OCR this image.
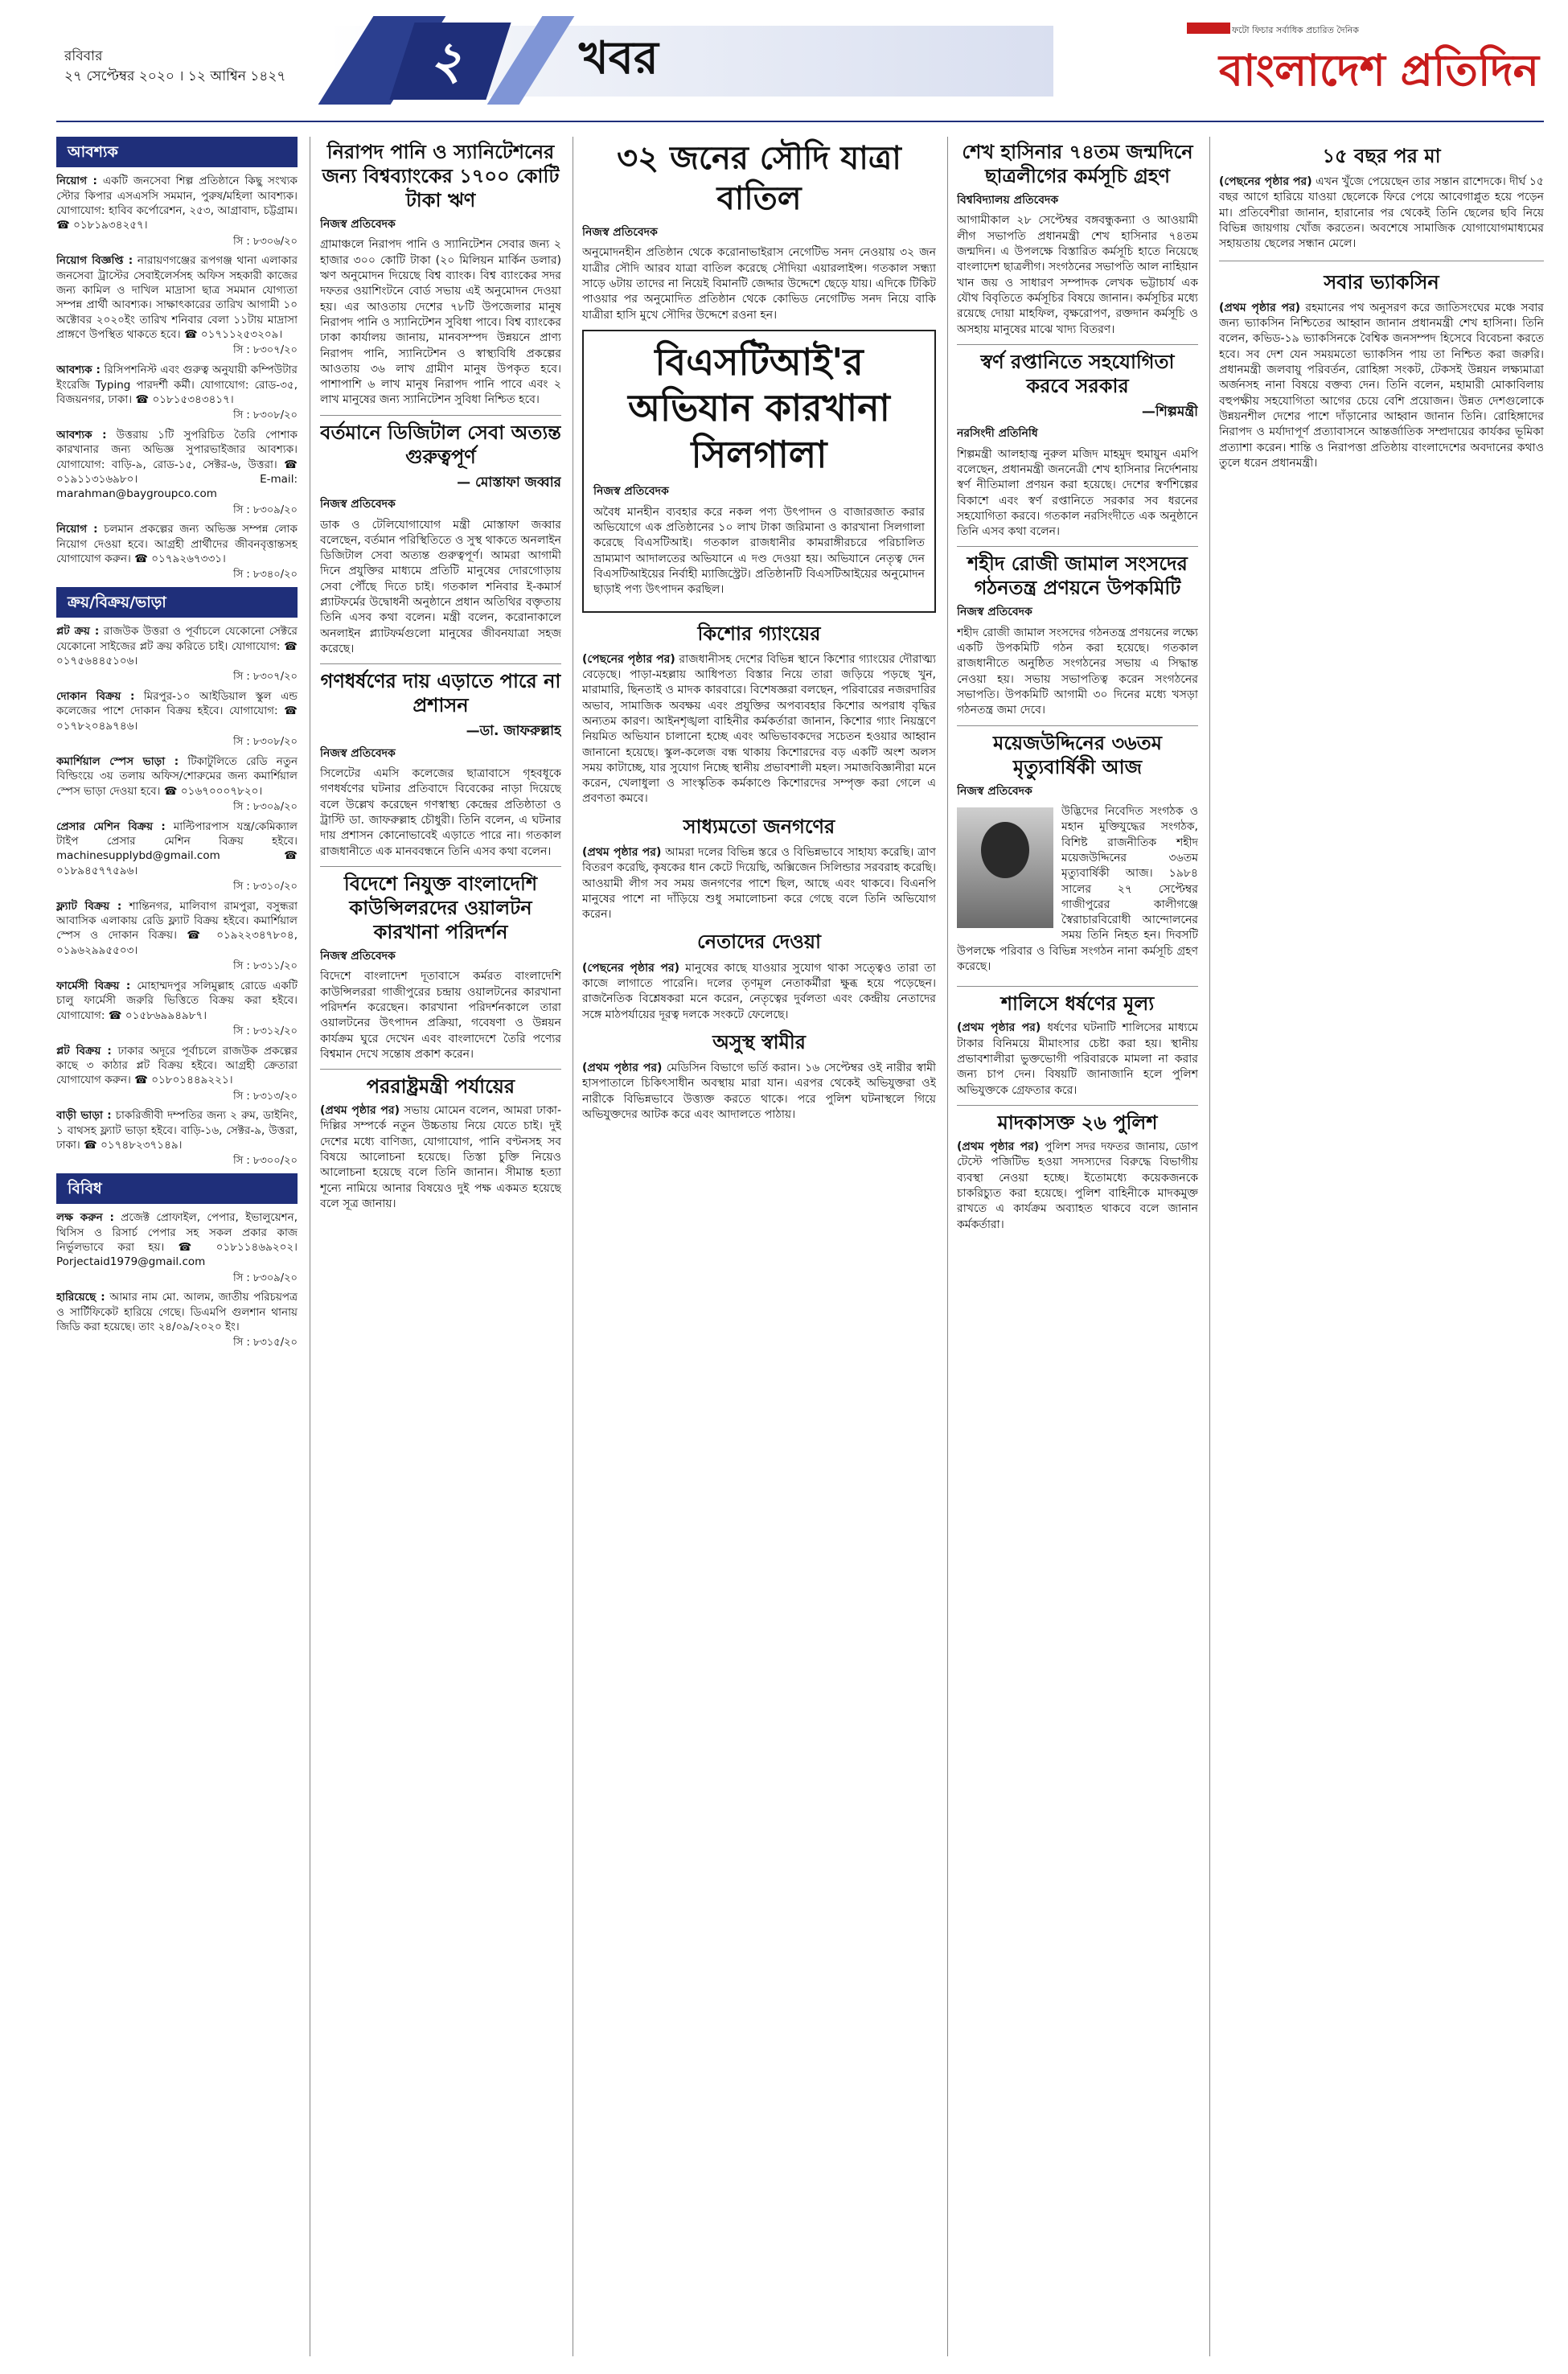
রবিবার
২৭ সেপ্টেম্বর ২০২০ । ১২ আশ্বিন ১৪২৭	২	খবর
ফটো ফিচার সর্বাধিক প্রচারিত দৈনিক
বাংলাদেশ প্রতিদিন
আবশ্যক
নিয়োগ : একটি জনসেবা শিল্প প্রতিষ্ঠানে কিছু সংখ্যক স্টোর কিপার এসএসসি সমমান, পুরুষ/মহিলা আবশ্যক। যোগাযোগ: হাবিব কর্পোরেশন, ২৫৩, আগ্রাবাদ, চট্টগ্রাম। ☎ ০১৮১৯৩৪২৫৭।
সি : ৮৩০৬/২০
নিয়োগ বিজ্ঞপ্তি : নারায়ণগঞ্জের রূপগঞ্জ থানা এলাকার জনসেবা ট্রাস্টের সেবাইলের্সসহ অফিস সহকারী কাজের জন্য কামিল ও দাখিল মাদ্রাসা ছাত্র সমমান যোগ্যতা সম্পন্ন প্রার্থী আবশ্যক। সাক্ষাৎকারের তারিখ আগামী ১০ অক্টোবর ২০২০ইং তারিখ শনিবার বেলা ১১টায় মাদ্রাসা প্রাঙ্গণে উপস্থিত থাকতে হবে। ☎ ০১৭১১২৫৩২০৯।
সি : ৮৩০৭/২০
আবশ্যক : রিসিপশনিস্ট এবং গুরুত্ব অনুযায়ী কম্পিউটার ইংরেজি Typing পারদর্শী কর্মী। যোগাযোগ: রোড-৩৫, বিজয়নগর, ঢাকা। ☎ ০১৮১৫৩৪৩৪১৭।
সি : ৮৩০৮/২০
আবশ্যক : উত্তরায় ১টি সুপরিচিত তৈরি পোশাক কারখানার জন্য অভিজ্ঞ সুপারভাইজার আবশ্যক। যোগাযোগ: বাড়ি-৯, রোড-১৫, সেক্টর-৬, উত্তরা। ☎ ০১৯১১৩১৬৯৮০। E-mail: marahman@baygroupco.com
সি : ৮৩০৯/২০
নিয়োগ : চলমান প্রকল্পের জন্য অভিজ্ঞ সম্পন্ন লোক নিয়োগ দেওয়া হবে। আগ্রহী প্রার্থীদের জীবনবৃত্তান্তসহ যোগাযোগ করুন। ☎ ০১৭৯২৬৭৩৩১।
সি : ৮৩৪০/২০
ক্রয়/বিক্রয়/ভাড়া
প্লট ক্রয় : রাজউক উত্তরা ও পূর্বাচলে যেকোনো সেক্টরে যেকোনো সাইজের প্লট ক্রয় করিতে চাই। যোগাযোগ: ☎ ০১৭৫৬৪৪৫১০৬।
সি : ৮৩০৭/২০
দোকান বিক্রয় : মিরপুর-১০ আইডিয়াল স্কুল এন্ড কলেজের পাশে দোকান বিক্রয় হইবে। যোগাযোগ: ☎ ০১৭৮২০৪৯৭৪৬।
সি : ৮৩০৮/২০
কমার্শিয়াল স্পেস ভাড়া : টিকাটুলিতে রেডি নতুন বিল্ডিংয়ে ৩য় তলায় অফিস/শোরুমের জন্য কমার্শিয়াল স্পেস ভাড়া দেওয়া হবে। ☎ ০১৬৭০০০৭৮২০।
সি : ৮৩০৯/২০
প্রেসার মেশিন বিক্রয় : মাল্টিপারপাস যন্ত্র/কেমিক্যাল টাইপ প্রেসার মেশিন বিক্রয় হইবে। machinesupplybd@gmail.com ☎ ০১৮৯৪৫৭৭৫৯৬।
সি : ৮৩১০/২০
ফ্ল্যাট বিক্রয় : শান্তিনগর, মালিবাগ রামপুরা, বসুন্ধরা আবাসিক এলাকায় রেডি ফ্ল্যাট বিক্রয় হইবে। কমার্শিয়াল স্পেস ও দোকান বিক্রয়। ☎ ০১৯২২৩৪৭৮০৪, ০১৯৬২৯৯৫৫০৩।
সি : ৮৩১১/২০
ফার্মেসী বিক্রয় : মোহাম্মদপুর সলিমুল্লাহ রোডে একটি চালু ফার্মেসী জরুরি ভিত্তিতে বিক্রয় করা হইবে। যোগাযোগ: ☎ ০১৫৮৬৯৯৪৯৮৭।
সি : ৮৩১২/২০
প্লট বিক্রয় : ঢাকার অদূরে পূর্বাচলে রাজউক প্রকল্পের কাছে ৩ কাঠার প্লট বিক্রয় হইবে। আগ্রহী ক্রেতারা যোগাযোগ করুন। ☎ ০১৮০১৪৪৯২২১।
সি : ৮৩১৩/২০
বাড়ী ভাড়া : চাকরিজীবী দম্পতির জন্য ২ রুম, ডাইনিং, ১ বাথসহ ফ্ল্যাট ভাড়া হইবে। বাড়ি-১৬, সেক্টর-৯, উত্তরা, ঢাকা। ☎ ০১৭৪৮২৩৭১৪৯।
সি : ৮৩০০/২০
বিবিধ
লক্ষ করুন : প্রজেক্ট প্রোফাইল, পেপার, ইভালুয়েশন, থিসিস ও রিসার্চ পেপার সহ সকল প্রকার কাজ নির্ভুলভাবে করা হয়। ☎ ০১৮১১৪৬৯২০২। Porjectaid1979@gmail.com
সি : ৮৩০৯/২০
হারিয়েছে : আমার নাম মো. আলম, জাতীয় পরিচয়পত্র ও সার্টিফিকেট হারিয়ে গেছে। ডিএমপি গুলশান থানায় জিডি করা হয়েছে। তাং ২৪/০৯/২০২০ ইং।
সি : ৮৩১৫/২০
নিরাপদ পানি ও স্যানিটেশনের জন্য বিশ্বব্যাংকের ১৭০০ কোটি টাকা ঋণ
নিজস্ব প্রতিবেদক

গ্রামাঞ্চলে নিরাপদ পানি ও স্যানিটেশন সেবার জন্য ২ হাজার ৩০০ কোটি টাকা (২০ মিলিয়ন মার্কিন ডলার) ঋণ অনুমোদন দিয়েছে বিশ্ব ব্যাংক। বিশ্ব ব্যাংকের সদর দফতর ওয়াশিংটনে বোর্ড সভায় এই অনুমোদন দেওয়া হয়। এর আওতায় দেশের ৭৮টি উপজেলার মানুষ নিরাপদ পানি ও স্যানিটেশন সুবিধা পাবে। বিশ্ব ব্যাংকের ঢাকা কার্যালয় জানায়, মানবসম্পদ উন্নয়নে প্রাণ্য নিরাপদ পানি, স্যানিটেশন ও স্বাস্থ্যবিধি প্রকল্পের আওতায় ৩৬ লাখ গ্রামীণ মানুষ উপকৃত হবে। পাশাপাশি ৬ লাখ মানুষ নিরাপদ পানি পাবে এবং ২ লাখ মানুষের জন্য স্যানিটেশন সুবিধা নিশ্চিত হবে।

বর্তমানে ডিজিটাল সেবা অত্যন্ত গুরুত্বপূর্ণ
— মোস্তাফা জব্বার
নিজস্ব প্রতিবেদক

ডাক ও টেলিযোগাযোগ মন্ত্রী মোস্তাফা জব্বার বলেছেন, বর্তমান পরিস্থিতিতে ও সুস্থ থাকতে অনলাইন ডিজিটাল সেবা অত্যন্ত গুরুত্বপূর্ণ। আমরা আগামী দিনে প্রযুক্তির মাধ্যমে প্রতিটি মানুষের দোরগোড়ায় সেবা পৌঁছে দিতে চাই। গতকাল শনিবার ই-কমার্স প্ল্যাটফর্মের উদ্বোধনী অনুষ্ঠানে প্রধান অতিথির বক্তৃতায় তিনি এসব কথা বলেন। মন্ত্রী বলেন, করোনাকালে অনলাইন প্ল্যাটফর্মগুলো মানুষের জীবনযাত্রা সহজ করেছে।

গণধর্ষণের দায় এড়াতে পারে না প্রশাসন
—ডা. জাফরুল্লাহ
নিজস্ব প্রতিবেদক

সিলেটের এমসি কলেজের ছাত্রাবাসে গৃহবধূকে গণধর্ষণের ঘটনার প্রতিবাদে বিবেকের নাড়া দিয়েছে বলে উল্লেখ করেছেন গণস্বাস্থ্য কেন্দ্রের প্রতিষ্ঠাতা ও ট্রাস্টি ডা. জাফরুল্লাহ চৌধুরী। তিনি বলেন, এ ঘটনার দায় প্রশাসন কোনোভাবেই এড়াতে পারে না। গতকাল রাজধানীতে এক মানববন্ধনে তিনি এসব কথা বলেন।

বিদেশে নিযুক্ত বাংলাদেশি কাউন্সিলরদের ওয়ালটন কারখানা পরিদর্শন
নিজস্ব প্রতিবেদক

বিদেশে বাংলাদেশ দূতাবাসে কর্মরত বাংলাদেশি কাউন্সিলররা গাজীপুরের চন্দ্রায় ওয়ালটনের কারখানা পরিদর্শন করেছেন। কারখানা পরিদর্শনকালে তারা ওয়ালটনের উৎপাদন প্রক্রিয়া, গবেষণা ও উন্নয়ন কার্যক্রম ঘুরে দেখেন এবং বাংলাদেশে তৈরি পণ্যের বিশ্বমান দেখে সন্তোষ প্রকাশ করেন।

পররাষ্ট্রমন্ত্রী পর্যায়ের

(প্রথম পৃষ্ঠার পর) সভায় মোমেন বলেন, আমরা ঢাকা-দিল্লির সম্পর্কে নতুন উচ্চতায় নিয়ে যেতে চাই। দুই দেশের মধ্যে বাণিজ্য, যোগাযোগ, পানি বণ্টনসহ সব বিষয়ে আলোচনা হয়েছে। তিস্তা চুক্তি নিয়েও আলোচনা হয়েছে বলে তিনি জানান। সীমান্ত হত্যা শূন্যে নামিয়ে আনার বিষয়েও দুই পক্ষ একমত হয়েছে বলে সূত্র জানায়।

৩২ জনের সৌদি যাত্রা বাতিল
নিজস্ব প্রতিবেদক

অনুমোদনহীন প্রতিষ্ঠান থেকে করোনাভাইরাস নেগেটিভ সনদ নেওয়ায় ৩২ জন যাত্রীর সৌদি আরব যাত্রা বাতিল করেছে সৌদিয়া এয়ারলাইন্স। গতকাল সন্ধ্যা সাড়ে ৬টায় তাদের না নিয়েই বিমানটি জেদ্দার উদ্দেশে ছেড়ে যায়। এদিকে টিকিট পাওয়ার পর অনুমোদিত প্রতিষ্ঠান থেকে কোভিড নেগেটিভ সনদ নিয়ে বাকি যাত্রীরা হাসি মুখে সৌদির উদ্দেশে রওনা হন।

বিএসটিআই'র অভিযান কারখানা সিলগালা
নিজস্ব প্রতিবেদক

অবৈধ মানহীন ব্যবহার করে নকল পণ্য উৎপাদন ও বাজারজাত করার অভিযোগে এক প্রতিষ্ঠানের ১০ লাখ টাকা জরিমানা ও কারখানা সিলগালা করেছে বিএসটিআই। গতকাল রাজধানীর কামরাঙ্গীরচরে পরিচালিত ভ্রাম্যমাণ আদালতের অভিযানে এ দণ্ড দেওয়া হয়। অভিযানে নেতৃত্ব দেন বিএসটিআইয়ের নির্বাহী ম্যাজিস্ট্রেট। প্রতিষ্ঠানটি বিএসটিআইয়ের অনুমোদন ছাড়াই পণ্য উৎপাদন করছিল।

কিশোর গ্যাংয়ের

(পেছনের পৃষ্ঠার পর) রাজধানীসহ দেশের বিভিন্ন স্থানে কিশোর গ্যাংয়ের দৌরাত্ম্য বেড়েছে। পাড়া-মহল্লায় আধিপত্য বিস্তার নিয়ে তারা জড়িয়ে পড়ছে খুন, মারামারি, ছিনতাই ও মাদক কারবারে। বিশেষজ্ঞরা বলছেন, পরিবারের নজরদারির অভাব, সামাজিক অবক্ষয় এবং প্রযুক্তির অপব্যবহার কিশোর অপরাধ বৃদ্ধির অন্যতম কারণ। আইনশৃঙ্খলা বাহিনীর কর্মকর্তারা জানান, কিশোর গ্যাং নিয়ন্ত্রণে নিয়মিত অভিযান চালানো হচ্ছে এবং অভিভাবকদের সচেতন হওয়ার আহ্বান জানানো হয়েছে। স্কুল-কলেজ বন্ধ থাকায় কিশোরদের বড় একটি অংশ অলস সময় কাটাচ্ছে, যার সুযোগ নিচ্ছে স্থানীয় প্রভাবশালী মহল। সমাজবিজ্ঞানীরা মনে করেন, খেলাধুলা ও সাংস্কৃতিক কর্মকাণ্ডে কিশোরদের সম্পৃক্ত করা গেলে এ প্রবণতা কমবে।

সাধ্যমতো জনগণের

(প্রথম পৃষ্ঠার পর) আমরা দলের বিভিন্ন স্তরে ও বিভিন্নভাবে সাহায্য করেছি। ত্রাণ বিতরণ করেছি, কৃষকের ধান কেটে দিয়েছি, অক্সিজেন সিলিন্ডার সরবরাহ করেছি। আওয়ামী লীগ সব সময় জনগণের পাশে ছিল, আছে এবং থাকবে। বিএনপি মানুষের পাশে না দাঁড়িয়ে শুধু সমালোচনা করে গেছে বলে তিনি অভিযোগ করেন।

নেতাদের দেওয়া

(পেছনের পৃষ্ঠার পর) মানুষের কাছে যাওয়ার সুযোগ থাকা সত্ত্বেও তারা তা কাজে লাগাতে পারেনি। দলের তৃণমূল নেতাকর্মীরা ক্ষুব্ধ হয়ে পড়েছেন। রাজনৈতিক বিশ্লেষকরা মনে করেন, নেতৃত্বের দুর্বলতা এবং কেন্দ্রীয় নেতাদের সঙ্গে মাঠপর্যায়ের দূরত্ব দলকে সংকটে ফেলেছে।

অসুস্থ স্বামীর

(প্রথম পৃষ্ঠার পর) মেডিসিন বিভাগে ভর্তি করান। ১৬ সেপ্টেম্বর ওই নারীর স্বামী হাসপাতালে চিকিৎসাধীন অবস্থায় মারা যান। এরপর থেকেই অভিযুক্তরা ওই নারীকে বিভিন্নভাবে উত্ত্যক্ত করতে থাকে। পরে পুলিশ ঘটনাস্থলে গিয়ে অভিযুক্তদের আটক করে এবং আদালতে পাঠায়।

শেখ হাসিনার ৭৪তম জন্মদিনে ছাত্রলীগের কর্মসূচি গ্রহণ
বিশ্ববিদ্যালয় প্রতিবেদক

আগামীকাল ২৮ সেপ্টেম্বর বঙ্গবন্ধুকন্যা ও আওয়ামী লীগ সভাপতি প্রধানমন্ত্রী শেখ হাসিনার ৭৪তম জন্মদিন। এ উপলক্ষে বিস্তারিত কর্মসূচি হাতে নিয়েছে বাংলাদেশ ছাত্রলীগ। সংগঠনের সভাপতি আল নাহিয়ান খান জয় ও সাধারণ সম্পাদক লেখক ভট্টাচার্য এক যৌথ বিবৃতিতে কর্মসূচির বিষয়ে জানান। কর্মসূচির মধ্যে রয়েছে দোয়া মাহফিল, বৃক্ষরোপণ, রক্তদান কর্মসূচি ও অসহায় মানুষের মাঝে খাদ্য বিতরণ।

স্বর্ণ রপ্তানিতে সহযোগিতা করবে সরকার
—শিল্পমন্ত্রী
নরসিংদী প্রতিনিধি

শিল্পমন্ত্রী আলহাজ্ব নুরুল মজিদ মাহমুদ হুমায়ুন এমপি বলেছেন, প্রধানমন্ত্রী জননেত্রী শেখ হাসিনার নির্দেশনায় স্বর্ণ নীতিমালা প্রণয়ন করা হয়েছে। দেশের স্বর্ণশিল্পের বিকাশে এবং স্বর্ণ রপ্তানিতে সরকার সব ধরনের সহযোগিতা করবে। গতকাল নরসিংদীতে এক অনুষ্ঠানে তিনি এসব কথা বলেন।

শহীদ রোজী জামাল সংসদের গঠনতন্ত্র প্রণয়নে উপকমিটি
নিজস্ব প্রতিবেদক

শহীদ রোজী জামাল সংসদের গঠনতন্ত্র প্রণয়নের লক্ষ্যে একটি উপকমিটি গঠন করা হয়েছে। গতকাল রাজধানীতে অনুষ্ঠিত সংগঠনের সভায় এ সিদ্ধান্ত নেওয়া হয়। সভায় সভাপতিত্ব করেন সংগঠনের সভাপতি। উপকমিটি আগামী ৩০ দিনের মধ্যে খসড়া গঠনতন্ত্র জমা দেবে।

ময়েজউদ্দিনের ৩৬তম মৃত্যুবার্ষিকী আজ
নিজস্ব প্রতিবেদক

উদ্ভিদের নিবেদিত সংগঠক ও মহান মুক্তিযুদ্ধের সংগঠক, বিশিষ্ট রাজনীতিক শহীদ ময়েজউদ্দিনের ৩৬তম মৃত্যুবার্ষিকী আজ। ১৯৮৪ সালের ২৭ সেপ্টেম্বর গাজীপুরের কালীগঞ্জে স্বৈরাচারবিরোধী আন্দোলনের সময় তিনি নিহত হন। দিবসটি উপলক্ষে পরিবার ও বিভিন্ন সংগঠন নানা কর্মসূচি গ্রহণ করেছে।

শালিসে ধর্ষণের মূল্য

(প্রথম পৃষ্ঠার পর) ধর্ষণের ঘটনাটি শালিসের মাধ্যমে টাকার বিনিময়ে মীমাংসার চেষ্টা করা হয়। স্থানীয় প্রভাবশালীরা ভুক্তভোগী পরিবারকে মামলা না করার জন্য চাপ দেন। বিষয়টি জানাজানি হলে পুলিশ অভিযুক্তকে গ্রেফতার করে।

মাদকাসক্ত ২৬ পুলিশ

(প্রথম পৃষ্ঠার পর) পুলিশ সদর দফতর জানায়, ডোপ টেস্টে পজিটিভ হওয়া সদস্যদের বিরুদ্ধে বিভাগীয় ব্যবস্থা নেওয়া হচ্ছে। ইতোমধ্যে কয়েকজনকে চাকরিচ্যুত করা হয়েছে। পুলিশ বাহিনীকে মাদকমুক্ত রাখতে এ কার্যক্রম অব্যাহত থাকবে বলে জানান কর্মকর্তারা।

১৫ বছর পর মা

(পেছনের পৃষ্ঠার পর) এখন খুঁজে পেয়েছেন তার সন্তান রাশেদকে। দীর্ঘ ১৫ বছর আগে হারিয়ে যাওয়া ছেলেকে ফিরে পেয়ে আবেগাপ্লুত হয়ে পড়েন মা। প্রতিবেশীরা জানান, হারানোর পর থেকেই তিনি ছেলের ছবি নিয়ে বিভিন্ন জায়গায় খোঁজ করতেন। অবশেষে সামাজিক যোগাযোগমাধ্যমের সহায়তায় ছেলের সন্ধান মেলে।

সবার ভ্যাকসিন

(প্রথম পৃষ্ঠার পর) রহমানের পথ অনুসরণ করে জাতিসংঘের মঞ্চে সবার জন্য ভ্যাকসিন নিশ্চিতের আহ্বান জানান প্রধানমন্ত্রী শেখ হাসিনা। তিনি বলেন, কভিড-১৯ ভ্যাকসিনকে বৈশ্বিক জনসম্পদ হিসেবে বিবেচনা করতে হবে। সব দেশ যেন সময়মতো ভ্যাকসিন পায় তা নিশ্চিত করা জরুরি। প্রধানমন্ত্রী জলবায়ু পরিবর্তন, রোহিঙ্গা সংকট, টেকসই উন্নয়ন লক্ষ্যমাত্রা অর্জনসহ নানা বিষয়ে বক্তব্য দেন। তিনি বলেন, মহামারী মোকাবিলায় বহুপক্ষীয় সহযোগিতা আগের চেয়ে বেশি প্রয়োজন। উন্নত দেশগুলোকে উন্নয়নশীল দেশের পাশে দাঁড়ানোর আহ্বান জানান তিনি। রোহিঙ্গাদের নিরাপদ ও মর্যাদাপূর্ণ প্রত্যাবাসনে আন্তর্জাতিক সম্প্রদায়ের কার্যকর ভূমিকা প্রত্যাশা করেন। শান্তি ও নিরাপত্তা প্রতিষ্ঠায় বাংলাদেশের অবদানের কথাও তুলে ধরেন প্রধানমন্ত্রী।
